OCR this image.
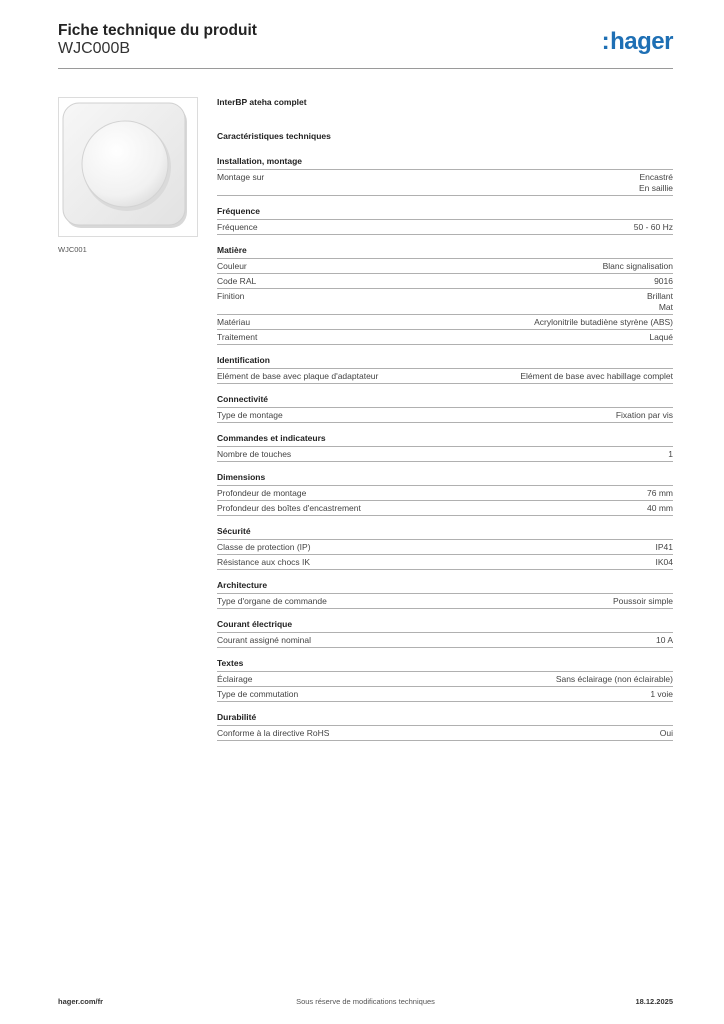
Fiche technique du produit
WJC000B	:hager
WJC001
InterBP ateha complet
Caractéristiques techniques
Installation, montage
Montage sur	Encastré
En saillie
Fréquence
Fréquence	50 - 60 Hz
Matière
Couleur	Blanc signalisation
Code RAL	9016
Finition	Brillant
Mat
Matériau	Acrylonitrile butadiène styrène (ABS)
Traitement	Laqué
Identification
Elément de base avec plaque d'adaptateur	Elément de base avec habillage complet
Connectivité
Type de montage	Fixation par vis
Commandes et indicateurs
Nombre de touches	1
Dimensions
Profondeur de montage	76 mm
Profondeur des boîtes d'encastrement	40 mm
Sécurité
Classe de protection (IP)	IP41
Résistance aux chocs IK	IK04
Architecture
Type d'organe de commande	Poussoir simple
Courant électrique
Courant assigné nominal	10 A
Textes
Éclairage	Sans éclairage (non éclairable)
Type de commutation	1 voie
Durabilité
Conforme à la directive RoHS	Oui
hager.com/fr	Sous réserve de modifications techniques	18.12.2025
